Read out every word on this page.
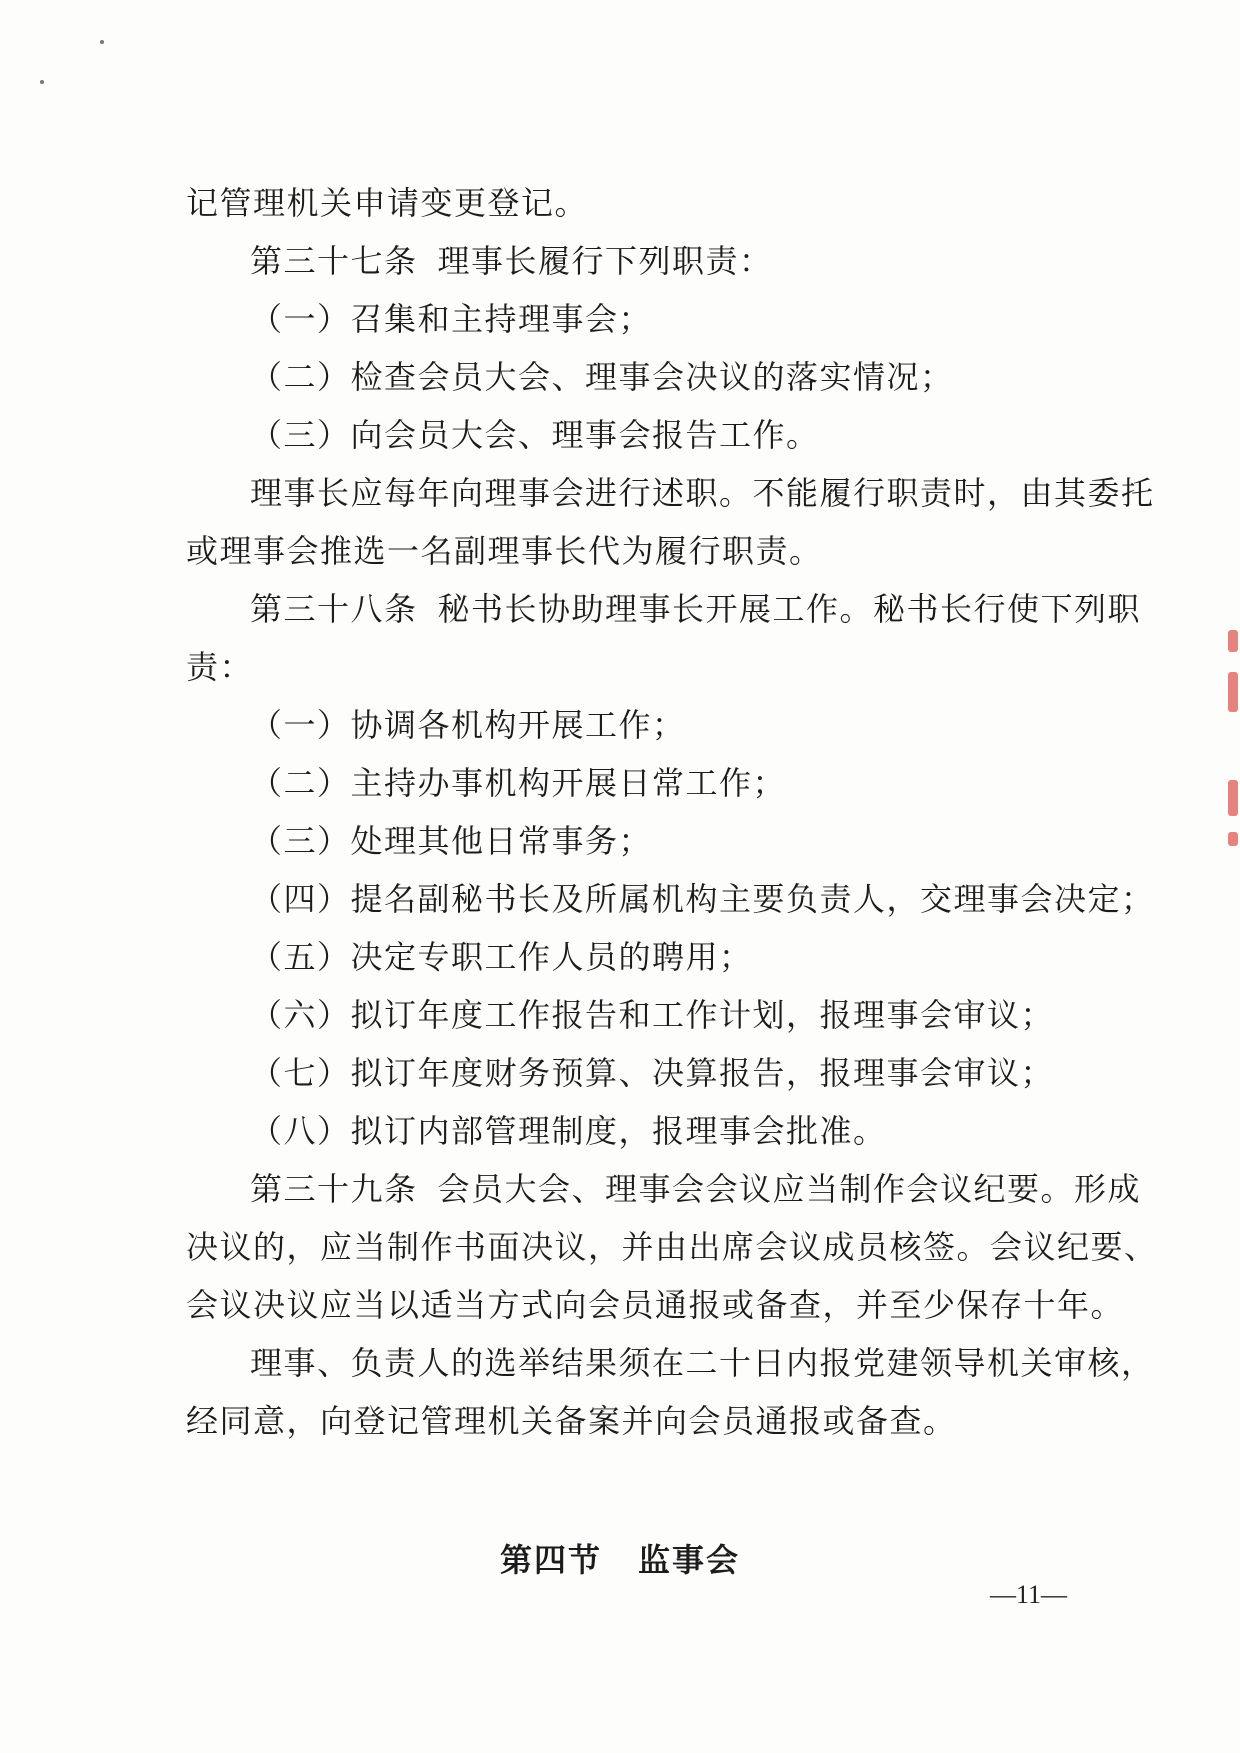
记管理机关申请变更登记。
第三十七条 理事长履行下列职责：
（一）召集和主持理事会；
（二）检查会员大会、理事会决议的落实情况；
（三）向会员大会、理事会报告工作。
理事长应每年向理事会进行述职。不能履行职责时，由其委托
或理事会推选一名副理事长代为履行职责。
第三十八条 秘书长协助理事长开展工作。秘书长行使下列职
责：
（一）协调各机构开展工作；
（二）主持办事机构开展日常工作；
（三）处理其他日常事务；
（四）提名副秘书长及所属机构主要负责人，交理事会决定；
（五）决定专职工作人员的聘用；
（六）拟订年度工作报告和工作计划，报理事会审议；
（七）拟订年度财务预算、决算报告，报理事会审议；
（八）拟订内部管理制度，报理事会批准。
第三十九条 会员大会、理事会会议应当制作会议纪要。形成
决议的，应当制作书面决议，并由出席会议成员核签。会议纪要、
会议决议应当以适当方式向会员通报或备查，并至少保存十年。
理事、负责人的选举结果须在二十日内报党建领导机关审核，
经同意，向登记管理机关备案并向会员通报或备查。
第四节 监事会
—11—
